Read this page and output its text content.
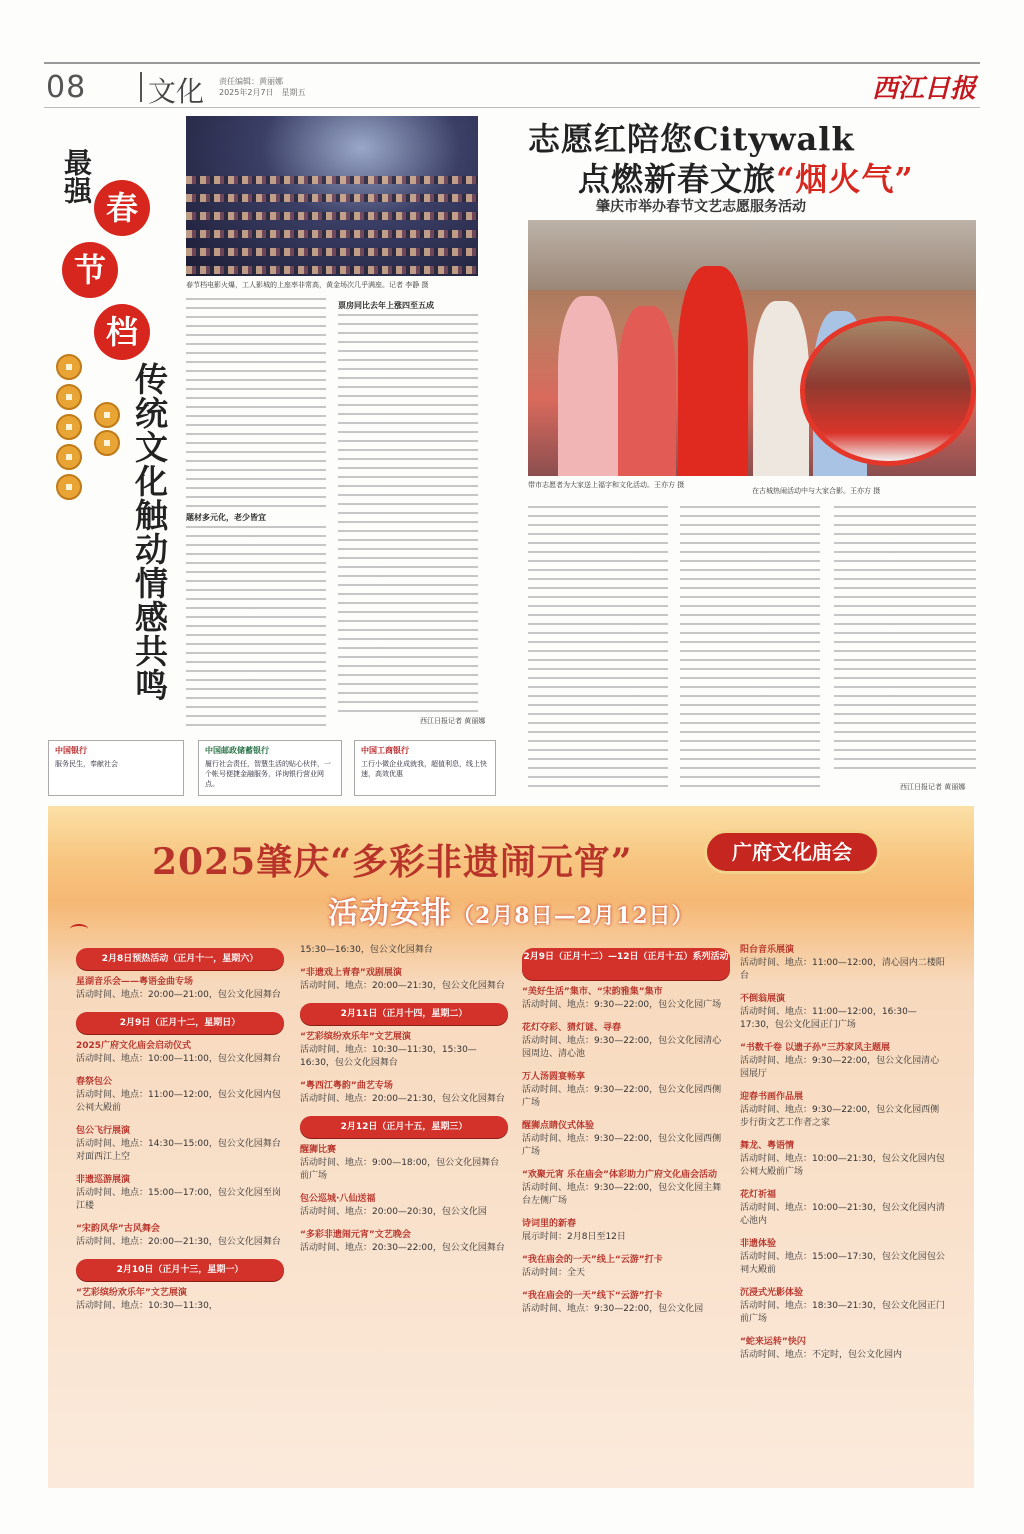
08 文化 责任编辑：黄丽娜
2025年2月7日　星期五	西江日报
最强
春
节
档
传统文化触动情感共鸣
春节档电影火爆，工人影城的上座率非常高，黄金场次几乎满座。记者 李静 摄
题材多元化，老少皆宜
票房同比去年上涨四至五成
西江日报记者 黄丽娜
中国银行
服务民生，奉献社会
中国邮政储蓄银行
履行社会责任，智慧生活的贴心伙伴，一个帐号便捷金融服务，详询银行营业网点。
中国工商银行
工行小微企业成就我，超值利息，线上快速，高效优惠
志愿红陪您Citywalk
点燃新春文旅“烟火气”
肇庆市举办春节文艺志愿服务活动
带市志愿者为大家送上福字和文化活动。王亦方 摄
在古城热闹活动中与大家合影。王亦方 摄
西江日报记者 黄丽娜
2025肇庆“多彩非遗闹元宵”	广府文化庙会
活动安排（2月8日—2月12日）
2月8日预热活动（正月十一，星期六）
星湖音乐会——粤语金曲专场
活动时间、地点：20:00—21:00，包公文化园舞台
2月9日（正月十二，星期日）
2025广府文化庙会启动仪式
活动时间、地点：10:00—11:00，包公文化园舞台
春祭包公
活动时间、地点：11:00—12:00，包公文化园内包公祠大殿前
包公飞行展演
活动时间、地点：14:30—15:00，包公文化园舞台对面西江上空
非遗巡游展演
活动时间、地点：15:00—17:00，包公文化园至岗江楼
“宋韵风华”古风舞会
活动时间、地点：20:00—21:30，包公文化园舞台
2月10日（正月十三，星期一）
“艺彩缤纷欢乐年”文艺展演
活动时间、地点：10:30—11:30，
15:30—16:30，包公文化园舞台
“非遗戏上青春”戏剧展演
活动时间、地点：20:00—21:30，包公文化园舞台
2月11日（正月十四，星期二）
“艺彩缤纷欢乐年”文艺展演
活动时间、地点：10:30—11:30，15:30—16:30，包公文化园舞台
“粤西江粤韵”曲艺专场
活动时间、地点：20:00—21:30，包公文化园舞台
2月12日（正月十五，星期三）
醒狮比赛
活动时间、地点：9:00—18:00，包公文化园舞台前广场
包公巡城·八仙送福
活动时间、地点：20:00—20:30，包公文化园
“多彩非遗闹元宵”文艺晚会
活动时间、地点：20:30—22:00，包公文化园舞台
2月9日（正月十二）—12日（正月十五）系列活动
“美好生活”集市、“宋韵雅集”集市
活动时间、地点：9:30—22:00，包公文化园广场
花灯夺彩、猜灯谜、寻春
活动时间、地点：9:30—22:00，包公文化园清心园周边、清心池
万人汤圆宴畅享
活动时间、地点：9:30—22:00，包公文化园西侧广场
醒狮点睛仪式体验
活动时间、地点：9:30—22:00，包公文化园西侧广场
“欢聚元宵 乐在庙会”体彩助力广府文化庙会活动
活动时间、地点：9:30—22:00，包公文化园主舞台左侧广场
诗词里的新春
展示时间：2月8日至12日
“我在庙会的一天”线上“云游”打卡
活动时间：全天
“我在庙会的一天”线下“云游”打卡
活动时间、地点：9:30—22:00，包公文化园
阳台音乐展演
活动时间、地点：11:00—12:00，清心园内二楼阳台
不倒翁展演
活动时间、地点：11:00—12:00，16:30—17:30，包公文化园正门广场
“书数千卷 以遗子孙”三苏家风主题展
活动时间、地点：9:30—22:00，包公文化园清心园展厅
迎春书画作品展
活动时间、地点：9:30—22:00，包公文化园西侧步行街文艺工作者之家
舞龙、粤语情
活动时间、地点：10:00—21:30，包公文化园内包公祠大殿前广场
花灯祈福
活动时间、地点：10:00—21:30，包公文化园内清心池内
非遗体验
活动时间、地点：15:00—17:30，包公文化园包公祠大殿前
沉浸式光影体验
活动时间、地点：18:30—21:30，包公文化园正门前广场
“蛇来运转”快闪
活动时间、地点：不定时，包公文化园内
